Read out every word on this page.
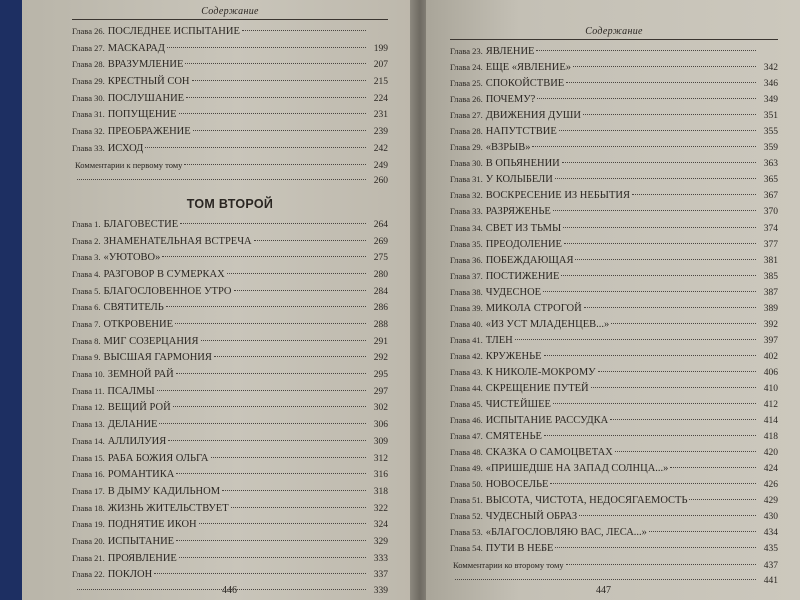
Содержание
Глава 26. ПОСЛЕДНЕЕ ИСПЫТАНИЕ
Глава 27. МАСКАРАД	199
Глава 28. ВРАЗУМЛЕНИЕ	207
Глава 29. КРЕСТНЫЙ СОН	215
Глава 30. ПОСЛУШАНИЕ	224
Глава 31. ПОПУЩЕНИЕ	231
Глава 32. ПРЕОБРАЖЕНИЕ	239
Глава 33. ИСХОД	242
Комментарии к первому тому	249
260
ТОМ ВТОРОЙ
Глава 1. БЛАГОВЕСТИЕ	264
Глава 2. ЗНАМЕНАТЕЛЬНАЯ ВСТРЕЧА	269
Глава 3. «УЮТОВО»	275
Глава 4. РАЗГОВОР В СУМЕРКАХ	280
Глава 5. БЛАГОСЛОВЕННОЕ УТРО	284
Глава 6. СВЯТИТЕЛЬ	286
Глава 7. ОТКРОВЕНИЕ	288
Глава 8. МИГ СОЗЕРЦАНИЯ	291
Глава 9. ВЫСШАЯ ГАРМОНИЯ	292
Глава 10. ЗЕМНОЙ РАЙ	295
Глава 11. ПСАЛМЫ	297
Глава 12. ВЕЩИЙ РОЙ	302
Глава 13. ДЕЛАНИЕ	306
Глава 14. АЛЛИЛУИЯ	309
Глава 15. РАБА БОЖИЯ ОЛЬГА	312
Глава 16. РОМАНТИКА	316
Глава 17. В ДЫМУ КАДИЛЬНОМ	318
Глава 18. ЖИЗНЬ ЖИТЕЛЬСТВУЕТ	322
Глава 19. ПОДНЯТИЕ ИКОН	324
Глава 20. ИСПЫТАНИЕ	329
Глава 21. ПРОЯВЛЕНИЕ	333
Глава 22. ПОКЛОН	337
339
446
Содержание
Глава 23. ЯВЛЕНИЕ
Глава 24. ЕЩЕ «ЯВЛЕНИЕ»	342
Глава 25. СПОКОЙСТВИЕ	346
Глава 26. ПОЧЕМУ?	349
Глава 27. ДВИЖЕНИЯ ДУШИ	351
Глава 28. НАПУТСТВИЕ	355
Глава 29. «ВЗРЫВ»	359
Глава 30. В ОПЬЯНЕНИИ	363
Глава 31. У КОЛЫБЕЛИ	365
Глава 32. ВОСКРЕСЕНИЕ ИЗ НЕБЫТИЯ	367
Глава 33. РАЗРЯЖЕНЬЕ	370
Глава 34. СВЕТ ИЗ ТЬМЫ	374
Глава 35. ПРЕОДОЛЕНИЕ	377
Глава 36. ПОБЕЖДАЮЩАЯ	381
Глава 37. ПОСТИЖЕНИЕ	385
Глава 38. ЧУДЕСНОЕ	387
Глава 39. МИКОЛА СТРОГОЙ	389
Глава 40. «ИЗ УСТ МЛАДЕНЦЕВ...»	392
Глава 41. ТЛЕН	397
Глава 42. КРУЖЕНЬЕ	402
Глава 43. К НИКОЛЕ-МОКРОМУ	406
Глава 44. СКРЕЩЕНИЕ ПУТЕЙ	410
Глава 45. ЧИСТЕЙШЕЕ	412
Глава 46. ИСПЫТАНИЕ РАССУДКА	414
Глава 47. СМЯТЕНЬЕ	418
Глава 48. СКАЗКА О САМОЦВЕТАХ	420
Глава 49. «ПРИШЕДШЕ НА ЗАПАД СОЛНЦА...»	424
Глава 50. НОВОСЕЛЬЕ	426
Глава 51. ВЫСОТА, ЧИСТОТА, НЕДОСЯГАЕМОСТЬ	429
Глава 52. ЧУДЕСНЫЙ ОБРАЗ	430
Глава 53. «БЛАГОСЛОВЛЯЮ ВАС, ЛЕСА...»	434
Глава 54. ПУТИ В НЕБЕ	435
Комментарии ко второму тому	437
441
447
